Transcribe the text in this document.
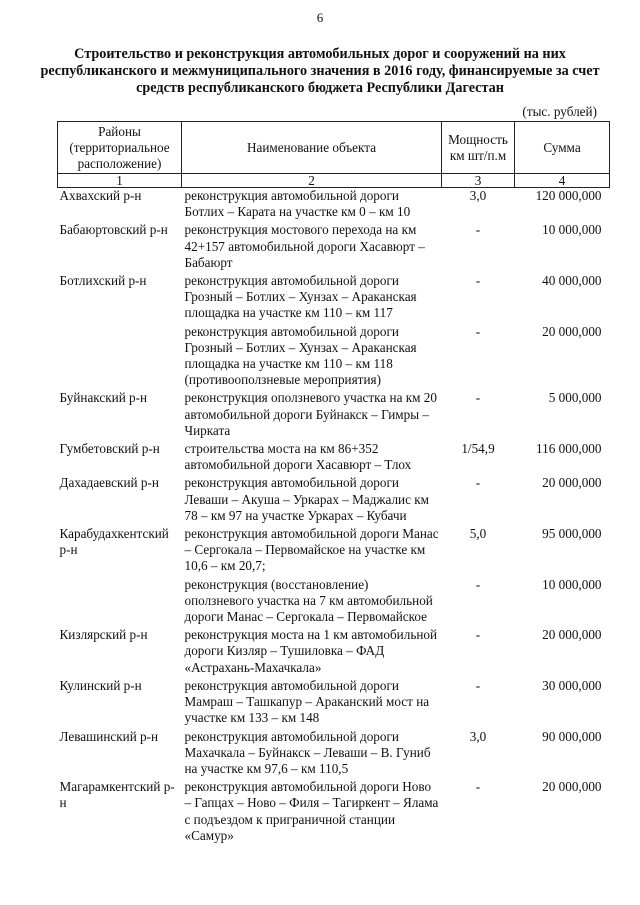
6
Строительство и реконструкция автомобильных дорог и сооружений на них
республиканского и межмуниципального значения в 2016 году, финансируемые за счет
средств республиканского бюджета Республики Дагестан
(тыс. рублей)
Районы (территориальное расположение)	Наименование объекта	Мощность км шт/п.м	Сумма
1	2	3	4
Ахвахский р-н	реконструкция автомобильной дороги Ботлих – Карата на участке км 0 – км 10	3,0	120 000,000
Бабаюртовский р-н	реконструкция мостового перехода на км 42+157 автомобильной дороги Хасавюрт – Бабаюрт	-	10 000,000
Ботлихский р-н	реконструкция автомобильной дороги Грозный – Ботлих – Хунзах – Араканская площадка на участке км 110 – км 117	-	40 000,000
	реконструкция автомобильной дороги Грозный – Ботлих – Хунзах – Араканская площадка на участке км 110 – км 118 (противооползневые мероприятия)	-	20 000,000
Буйнакский р-н	реконструкция оползневого участка на км 20 автомобильной дороги Буйнакск – Гимры – Чирката	-	5 000,000
Гумбетовский р-н	строительства моста на км 86+352 автомобильной дороги Хасавюрт – Тлох	1/54,9	116 000,000
Дахадаевский р-н	реконструкция автомобильной дороги Леваши – Акуша – Уркарах – Маджалис км 78 – км 97 на участке Уркарах – Кубачи	-	20 000,000
Карабудахкентский р-н	реконструкция автомобильной дороги Манас – Сергокала – Первомайское на участке км 10,6 – км 20,7;	5,0	95 000,000
	реконструкция (восстановление) оползневого участка на 7 км автомобильной дороги Манас – Сергокала – Первомайское	-	10 000,000
Кизлярский р-н	реконструкция моста на 1 км автомобильной дороги Кизляр – Тушиловка – ФАД «Астрахань-Махачкала»	-	20 000,000
Кулинский р-н	реконструкция автомобильной дороги Мамраш – Ташкапур – Араканский мост на участке км 133 – км 148	-	30 000,000
Левашинский р-н	реконструкция автомобильной дороги Махачкала – Буйнакск – Леваши – В. Гуниб на участке км 97,6 – км 110,5	3,0	90 000,000
Магарамкентский р-н	реконструкция автомобильной дороги Ново – Гапцах – Ново – Филя – Тагиркент – Ялама с подъездом к приграничной станции «Самур»	-	20 000,000
